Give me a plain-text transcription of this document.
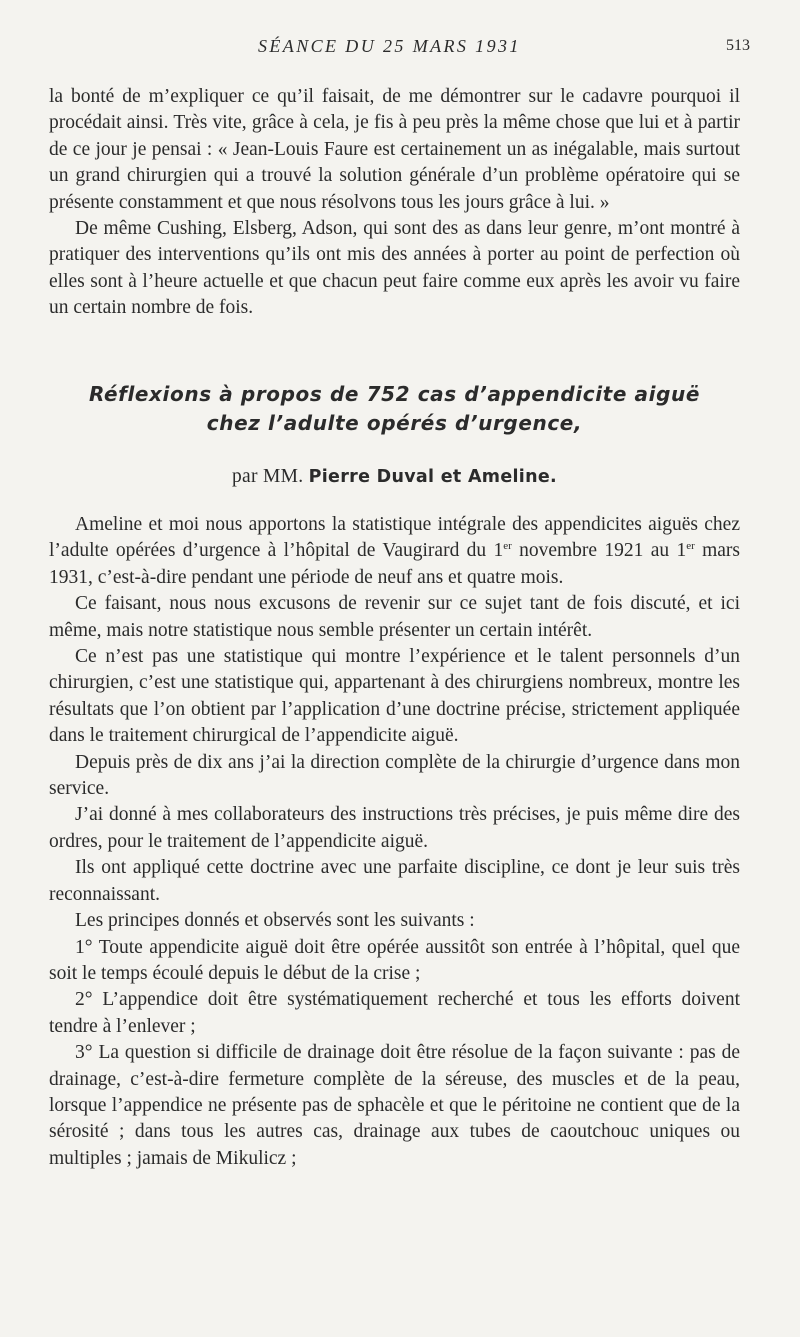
SÉANCE DU 25 MARS 1931	513

la bonté de m’expliquer ce qu’il faisait, de me démontrer sur le cadavre pourquoi il procédait ainsi. Très vite, grâce à cela, je fis à peu près la même chose que lui et à partir de ce jour je pensai : « Jean-Louis Faure est certainement un as inégalable, mais surtout un grand chirurgien qui a trouvé la solution générale d’un problème opératoire qui se présente constamment et que nous résolvons tous les jours grâce à lui. »

De même Cushing, Elsberg, Adson, qui sont des as dans leur genre, m’ont montré à pratiquer des interventions qu’ils ont mis des années à porter au point de perfection où elles sont à l’heure actuelle et que chacun peut faire comme eux après les avoir vu faire un certain nombre de fois.

Réflexions à propos de 752 cas d’appendicite aiguë
chez l’adulte opérés d’urgence,

par MM. Pierre Duval et Ameline.

Ameline et moi nous apportons la statistique intégrale des appendicites aiguës chez l’adulte opérées d’urgence à l’hôpital de Vaugirard du 1er novembre 1921 au 1er mars 1931, c’est-à-dire pendant une période de neuf ans et quatre mois.

Ce faisant, nous nous excusons de revenir sur ce sujet tant de fois discuté, et ici même, mais notre statistique nous semble présenter un certain intérêt.

Ce n’est pas une statistique qui montre l’expérience et le talent personnels d’un chirurgien, c’est une statistique qui, appartenant à des chirurgiens nombreux, montre les résultats que l’on obtient par l’application d’une doctrine précise, strictement appliquée dans le traitement chirurgical de l’appendicite aiguë.

Depuis près de dix ans j’ai la direction complète de la chirurgie d’urgence dans mon service.

J’ai donné à mes collaborateurs des instructions très précises, je puis même dire des ordres, pour le traitement de l’appendicite aiguë.

Ils ont appliqué cette doctrine avec une parfaite discipline, ce dont je leur suis très reconnaissant.

Les principes donnés et observés sont les suivants :

1° Toute appendicite aiguë doit être opérée aussitôt son entrée à l’hôpital, quel que soit le temps écoulé depuis le début de la crise ;

2° L’appendice doit être systématiquement recherché et tous les efforts doivent tendre à l’enlever ;

3° La question si difficile de drainage doit être résolue de la façon suivante : pas de drainage, c’est-à-dire fermeture complète de la séreuse, des muscles et de la peau, lorsque l’appendice ne présente pas de sphacèle et que le péritoine ne contient que de la sérosité ; dans tous les autres cas, drainage aux tubes de caoutchouc uniques ou multiples ; jamais de Mikulicz ;
